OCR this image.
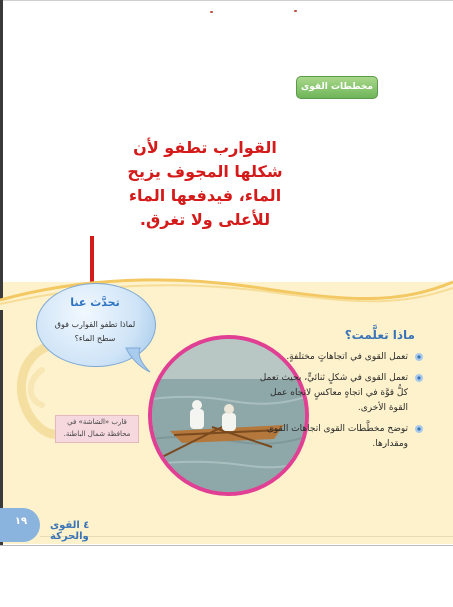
مخططات القوى
القوارب تطفو لأن شكلها المجوف يزيح الماء، فيدفعها الماء للأعلى ولا تغرق.
تحدَّث عنا
لماذا تطفو القوارب فوق سطح الماء؟
قارب «الشاشة» في محافظة شمال الباطنة.
ماذا تعلَّمت؟
تعمل القوى في اتجاهاتٍ مختلفةٍ.
تعمل القوى في شكلٍ ثنائيٍّ، بحيث تعمل كلُّ قوَّة في اتجاهٍ معاكسٍ لاتجاه عمل القوة الأخرى.
توضح مخطَّطات القوى اتجاهات القوى ومقدارها.
١٩	٤ القوى والحركة
